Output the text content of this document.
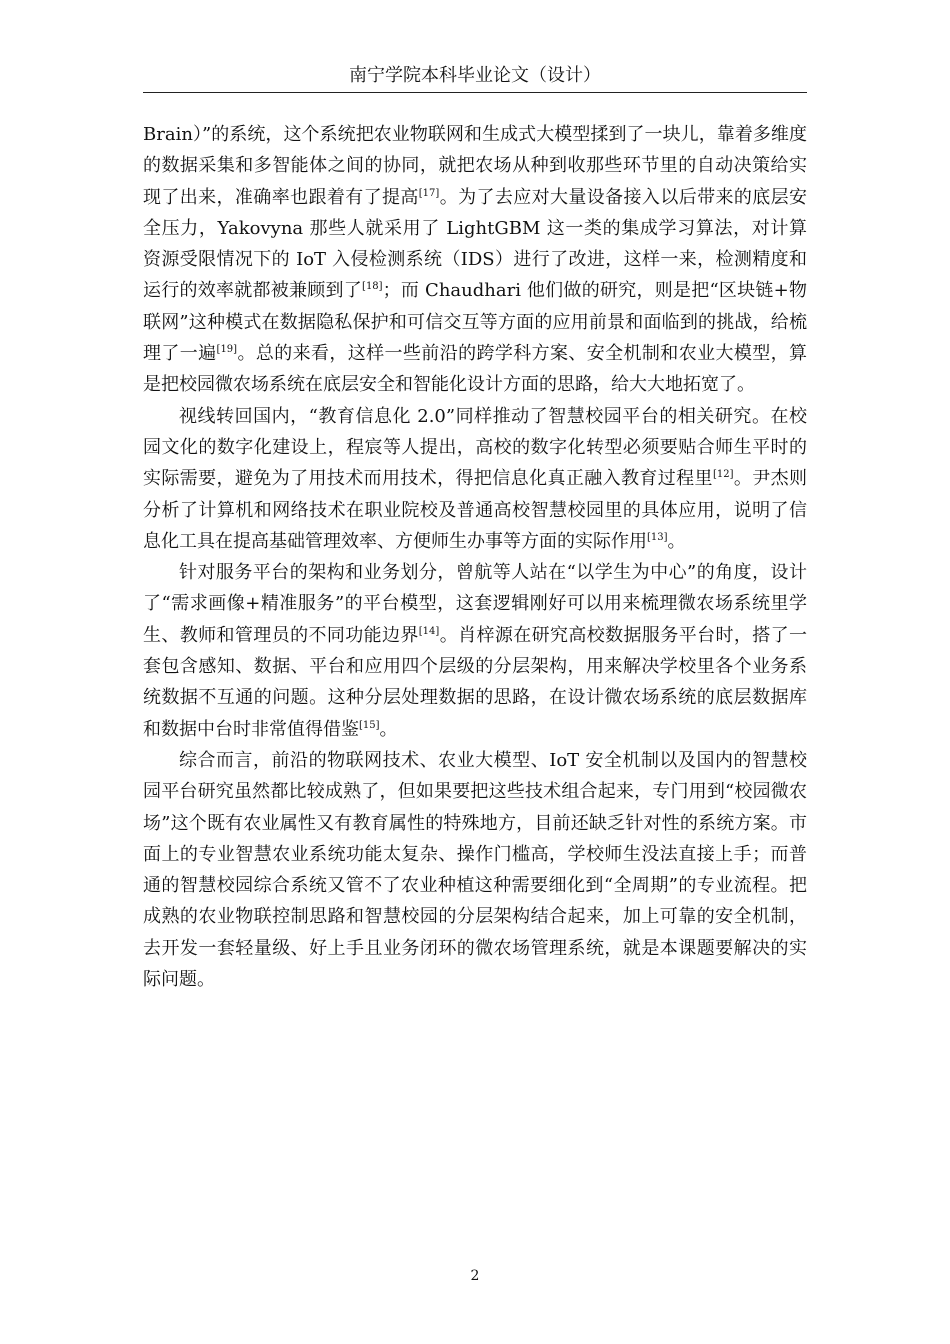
南宁学院本科毕业论文（设计）

Brain）”的系统，这个系统把农业物联网和生成式大模型揉到了一块儿，靠着多维度的数据采集和多智能体之间的协同，就把农场从种到收那些环节里的自动决策给实现了出来，准确率也跟着有了提高[17]。为了去应对大量设备接入以后带来的底层安全压力，Yakovyna 那些人就采用了 LightGBM 这一类的集成学习算法，对计算资源受限情况下的 IoT 入侵检测系统（IDS）进行了改进，这样一来，检测精度和运行的效率就都被兼顾到了[18]；而 Chaudhari 他们做的研究，则是把“区块链+物联网”这种模式在数据隐私保护和可信交互等方面的应用前景和面临到的挑战，给梳理了一遍[19]。总的来看，这样一些前沿的跨学科方案、安全机制和农业大模型，算是把校园微农场系统在底层安全和智能化设计方面的思路，给大大地拓宽了。

视线转回国内，“教育信息化 2.0”同样推动了智慧校园平台的相关研究。在校园文化的数字化建设上，程宸等人提出，高校的数字化转型必须要贴合师生平时的实际需要，避免为了用技术而用技术，得把信息化真正融入教育过程里[12]。尹杰则分析了计算机和网络技术在职业院校及普通高校智慧校园里的具体应用，说明了信息化工具在提高基础管理效率、方便师生办事等方面的实际作用[13]。

针对服务平台的架构和业务划分，曾航等人站在“以学生为中心”的角度，设计了“需求画像+精准服务”的平台模型，这套逻辑刚好可以用来梳理微农场系统里学生、教师和管理员的不同功能边界[14]。肖梓源在研究高校数据服务平台时，搭了一套包含感知、数据、平台和应用四个层级的分层架构，用来解决学校里各个业务系统数据不互通的问题。这种分层处理数据的思路，在设计微农场系统的底层数据库和数据中台时非常值得借鉴[15]。

综合而言，前沿的物联网技术、农业大模型、IoT 安全机制以及国内的智慧校园平台研究虽然都比较成熟了，但如果要把这些技术组合起来，专门用到“校园微农场”这个既有农业属性又有教育属性的特殊地方，目前还缺乏针对性的系统方案。市面上的专业智慧农业系统功能太复杂、操作门槛高，学校师生没法直接上手；而普通的智慧校园综合系统又管不了农业种植这种需要细化到“全周期”的专业流程。把成熟的农业物联控制思路和智慧校园的分层架构结合起来，加上可靠的安全机制，去开发一套轻量级、好上手且业务闭环的微农场管理系统，就是本课题要解决的实际问题。

2
